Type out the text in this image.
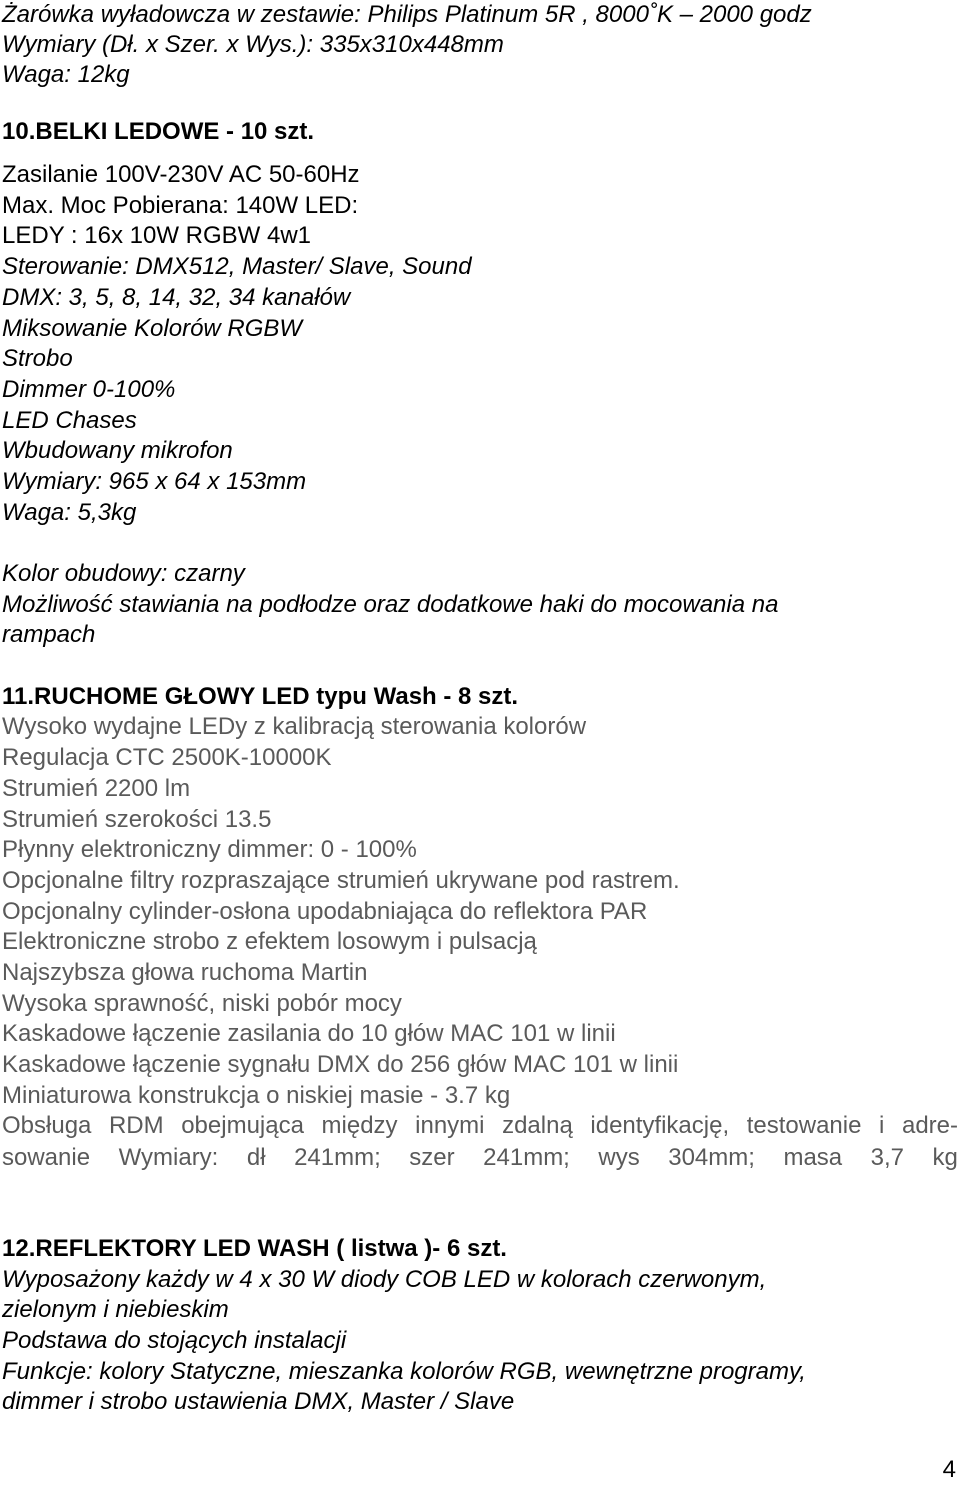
Żarówka wyładowcza w zestawie: Philips Platinum 5R , 8000˚K – 2000 godz
Wymiary (Dł. x Szer. x Wys.): 335x310x448mm
Waga: 12kg
10.BELKI LEDOWE - 10 szt.
Zasilanie 100V-230V AC 50-60Hz
Max. Moc Pobierana: 140W LED:
LEDY : 16x 10W RGBW 4w1
Sterowanie: DMX512, Master/ Slave, Sound
DMX: 3, 5, 8, 14, 32, 34 kanałów
Miksowanie Kolorów RGBW
Strobo
Dimmer 0-100%
LED Chases
Wbudowany mikrofon
Wymiary: 965 x 64 x 153mm
Waga: 5,3kg
Kolor obudowy: czarny
Możliwość stawiania na podłodze oraz dodatkowe haki do mocowania na
rampach
11.RUCHOME GŁOWY LED typu Wash - 8 szt.
Wysoko wydajne LEDy z kalibracją sterowania kolorów
Regulacja CTC 2500K-10000K
Strumień 2200 lm
Strumień szerokości 13.5
Płynny elektroniczny dimmer: 0 - 100%
Opcjonalne filtry rozpraszające strumień ukrywane pod rastrem.
Opcjonalny cylinder-osłona upodabniająca do reflektora PAR
Elektroniczne strobo z efektem losowym i pulsacją
Najszybsza głowa ruchoma Martin
Wysoka sprawność, niski pobór mocy
Kaskadowe łączenie zasilania do 10 głów MAC 101 w linii
Kaskadowe łączenie sygnału DMX do 256 głów MAC 101 w linii
Miniaturowa konstrukcja o niskiej masie - 3.7 kg
Obsługa RDM obejmująca między innymi zdalną identyfikację, testowanie i adre-
sowanie Wymiary: dł 241mm; szer 241mm; wys 304mm; masa 3,7 kg
12.REFLEKTORY LED WASH ( listwa )- 6 szt.
Wyposażony każdy w 4 x 30 W diody COB LED w kolorach czerwonym,
zielonym i niebieskim
Podstawa do stojących instalacji
Funkcje: kolory Statyczne, mieszanka kolorów RGB, wewnętrzne programy,
dimmer i strobo ustawienia DMX, Master / Slave
4
